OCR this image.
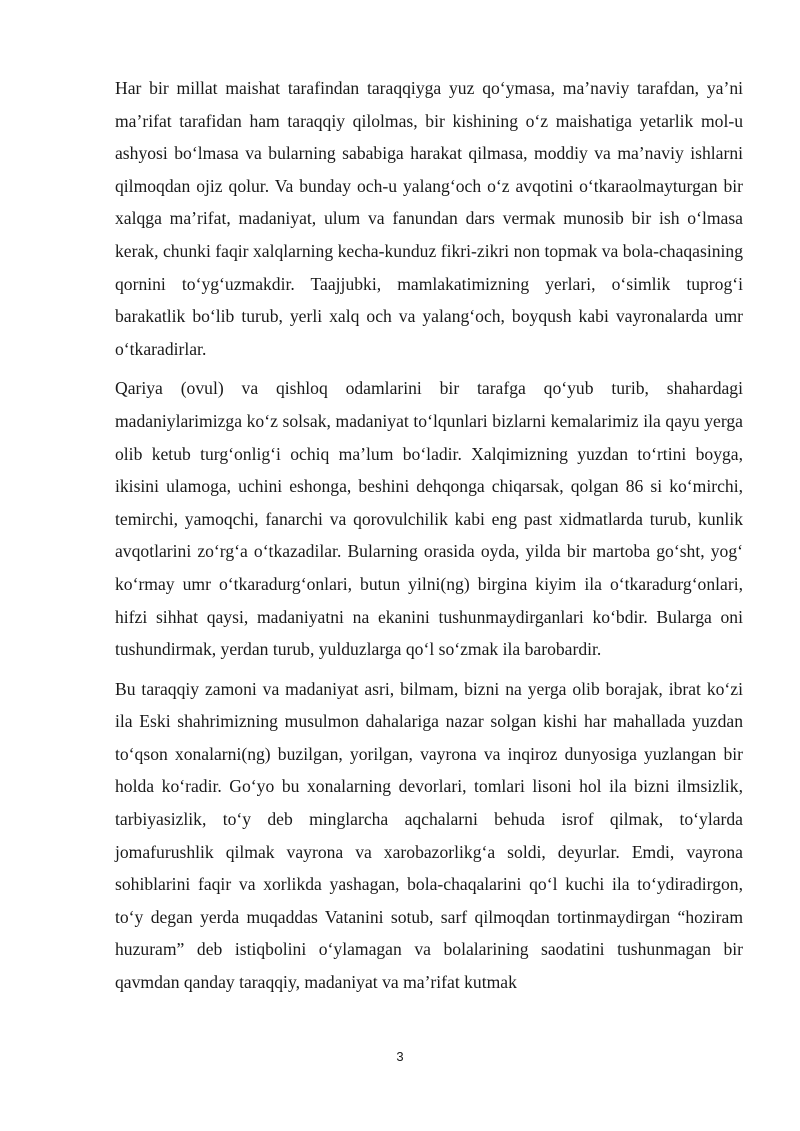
Har bir millat maishat tarafindan taraqqiyga yuz qo‘ymasa, ma’naviy tarafdan, ya’ni ma’rifat tarafidan ham taraqqiy qilolmas, bir kishining o‘z maishatiga yetarlik mol-u ashyosi bo‘lmasa va bularning sababiga harakat qilmasa, moddiy va ma’naviy ishlarni qilmoqdan ojiz qolur. Va bunday och-u yalang‘och o‘z avqotini o‘tkaraolmayturgan bir xalqga ma’rifat, madaniyat, ulum va fanundan dars vermak munosib bir ish o‘lmasa kerak, chunki faqir xalqlarning kecha-kunduz fikri-zikri non topmak va bola-chaqasining qornini to‘yg‘uzmakdir. Taajjubki, mamlakatimizning yerlari, o‘simlik tuprog‘i barakatlik bo‘lib turub, yerli xalq och va yalang‘och, boyqush kabi vayronalarda umr o‘tkaradirlar.

Qariya (ovul) va qishloq odamlarini bir tarafga qo‘yub turib, shahardagi madaniylarimizga ko‘z solsak, madaniyat to‘lqunlari bizlarni kemalarimiz ila qayu yerga olib ketub turg‘onlig‘i ochiq ma’lum bo‘ladir. Xalqimizning yuzdan to‘rtini boyga, ikisini ulamoga, uchini eshonga, beshini dehqonga chiqarsak, qolgan 86 si ko‘mirchi, temirchi, yamoqchi, fanarchi va qorovulchilik kabi eng past xidmatlarda turub, kunlik avqotlarini zo‘rg‘a o‘tkazadilar. Bularning orasida oyda, yilda bir martoba go‘sht, yog‘ ko‘rmay umr o‘tkaradurg‘onlari, butun yilni(ng) birgina kiyim ila o‘tkaradurg‘onlari, hifzi sihhat qaysi, madaniyatni na ekanini tushunmaydirganlari ko‘bdir. Bularga oni tushundirmak, yerdan turub, yulduzlarga qo‘l so‘zmak ila barobardir.

Bu taraqqiy zamoni va madaniyat asri, bilmam, bizni na yerga olib borajak, ibrat ko‘zi ila Eski shahrimizning musulmon dahalariga nazar solgan kishi har mahallada yuzdan to‘qson xonalarni(ng) buzilgan, yorilgan, vayrona va inqiroz dunyosiga yuzlangan bir holda ko‘radir. Go‘yo bu xonalarning devorlari, tomlari lisoni hol ila bizni ilmsizlik, tarbiyasizlik, to‘y deb minglarcha aqchalarni behuda isrof qilmak, to‘ylarda jomafurushlik qilmak vayrona va xarobazorlikg‘a soldi, deyurlar. Emdi, vayrona sohiblarini faqir va xorlikda yashagan, bola-chaqalarini qo‘l kuchi ila to‘ydiradirgon, to‘y degan yerda muqaddas Vatanini sotub, sarf qilmoqdan tortinmaydirgan “hoziram huzuram” deb istiqbolini o‘ylamagan va bolalarining saodatini tushunmagan bir qavmdan qanday taraqqiy, madaniyat va ma’rifat kutmak

3
